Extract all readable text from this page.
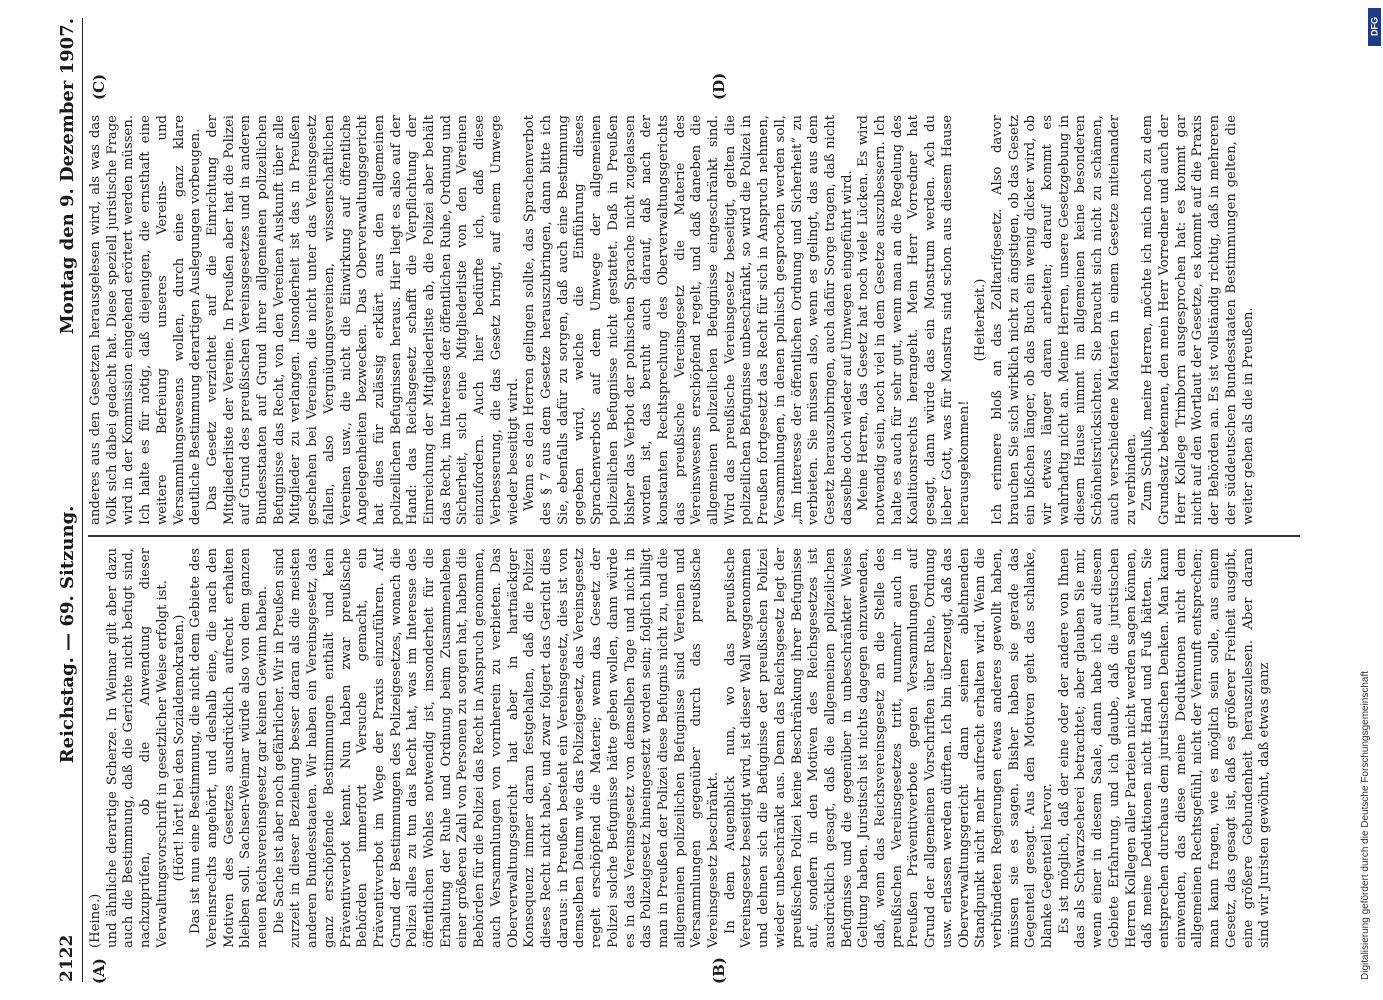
2122
Reichstag. — 69. Sitzung.
Montag den 9. Dezember 1907.
(A)	(B)
(C)	(D)

(Heine.) und ähnliche derartige Scherze. In Weimar gilt aber dazu auch die Bestimmung, daß die Gerichte nicht befugt sind, nachzuprüfen, ob die Anwendung dieser Verwaltungsvorschrift in gesetzlicher Weise erfolgt ist. (Hört! hört! bei den Sozialdemokraten.) Das ist nun eine Bestimmung, die nicht dem Gebiete des Vereinsrechts angehört, und deshalb eine, die nach den Motiven des Gesetzes ausdrücklich aufrecht erhalten bleiben soll. Sachsen-Weimar würde also von dem ganzen neuen Reichsvereinsgesetz gar keinen Gewinn haben. Die Sache ist aber noch gefährlicher. Wir in Preußen sind zurzeit in dieser Beziehung besser daran als die meisten anderen Bundesstaaten. Wir haben ein Vereinsgesetz, das ganz erschöpfende Bestimmungen enthält und kein Präventivverbot kennt. Nun haben zwar preußische Behörden immerfort Versuche gemacht, ein Präventivverbot im Wege der Praxis einzuführen. Auf Grund der Bestimmungen des Polizeigesetzes, wonach die Polizei alles zu tun das Recht hat, was im Interesse des öffentlichen Wohles notwendig ist, insonderheit für die Erhaltung der Ruhe und Ordnung beim Zusammenleben einer größeren Zahl von Personen zu sorgen hat, haben die Behörden für die Polizei das Recht in Anspruch genommen, auch Versammlungen von vornherein zu verbieten. Das Oberverwaltungsgericht hat aber in hartnäckiger Konsequenz immer daran festgehalten, daß die Polizei dieses Recht nicht habe, und zwar folgert das Gericht dies daraus: in Preußen besteht ein Vereinsgesetz, dies ist von demselben Datum wie das Polizeigesetz, das Vereinsgesetz regelt erschöpfend die Materie; wenn das Gesetz der Polizei solche Befugnisse hätte geben wollen, dann würde es in das Vereinsgesetz von demselben Tage und nicht in das Polizeigesetz hineingesetzt worden sein; folglich billigt man in Preußen der Polizei diese Befugnis nicht zu, und die allgemeinen polizeilichen Befugnisse sind Vereinen und Versammlungen gegenüber durch das preußische Vereinsgesetz beschränkt. In dem Augenblick nun, wo das preußische Vereinsgesetz beseitigt wird, ist dieser Wall weggenommen und dehnen sich die Befugnisse der preußischen Polizei wieder unbeschränkt aus. Denn das Reichsgesetz legt der preußischen Polizei keine Beschränkung ihrer Befugnisse auf, sondern in den Motiven des Reichsgesetzes ist ausdrücklich gesagt, daß die allgemeinen polizeilichen Befugnisse und die gegenüber in unbeschränkter Weise Geltung haben. Juristisch ist nichts dagegen einzuwenden, daß, wenn das Reichsvereinsgesetz an die Stelle des preußischen Vereinsgesetzes tritt, nunmehr auch in Preußen Präventivverbote gegen Versammlungen auf Grund der allgemeinen Vorschriften über Ruhe, Ordnung usw. erlassen werden dürften. Ich bin überzeugt, daß das Oberverwaltungsgericht dann seinen ablehnenden Standpunkt nicht mehr aufrecht erhalten wird. Wenn die verbündeten Regierungen etwas anderes gewollt haben, müssen sie es sagen. Bisher haben sie gerade das Gegenteil gesagt. Aus den Motiven geht das schlanke, blanke Gegenteil hervor. Es ist möglich, daß der eine oder der andere von Ihnen das als Schwarzseherei betrachtet; aber glauben Sie mir, wenn einer in diesem Saale, dann habe ich auf diesem Gebiete Erfahrung, und ich glaube, daß die juristischen Herren Kollegen aller Parteien nicht werden sagen können, daß meine Deduktionen nicht Hand und Fuß hätten. Sie entsprechen durchaus dem juristischen Denken. Man kann einwenden, das diese meine Deduktionen nicht dem allgemeinen Rechtsgefühl, nicht der Vernunft entsprechen; man kann fragen, wie es möglich sein solle, aus einem Gesetz, das gesagt ist, daß es größerer Freiheit ausgibt, eine größere Gebundenheit herauszulesen. Aber daran sind wir Juristen gewöhnt, daß etwas ganz

anderes aus den Gesetzen herausgelesen wird, als was das Volk sich dabei gedacht hat. Diese speziell juristische Frage wird in der Kommission eingehend erörtert werden müssen. Ich halte es für nötig, daß diejenigen, die ernsthaft eine weitere Befreiung unseres Vereins- und Versammlungswesens wollen, durch eine ganz klare deutliche Bestimmung derartigen Auslegungen vorbeugen. Das Gesetz verzichtet auf die Einrichtung der Mitgliederliste der Vereine. In Preußen aber hat die Polizei auf Grund des preußischen Vereinsgesetzes und in anderen Bundesstaaten auf Grund ihrer allgemeinen polizeilichen Befugnisse das Recht, von den Vereinen Auskunft über alle Mitglieder zu verlangen. Insonderheit ist das in Preußen geschehen bei Vereinen, die nicht unter das Vereinsgesetz fallen, also Vergnügungsvereinen, wissenschaftlichen Vereinen usw., die nicht die Einwirkung auf öffentliche Angelegenheiten bezwecken. Das Oberverwaltungsgericht hat dies für zulässig erklärt aus den allgemeinen polizeilichen Befugnissen heraus. Hier liegt es also auf der Hand: das Reichsgesetz schafft die Verpflichtung der Einreichung der Mitgliederliste ab, die Polizei aber behält das Recht, im Interesse der öffentlichen Ruhe, Ordnung und Sicherheit, sich eine Mitgliederliste von den Vereinen einzufordern. Auch hier bedürfte ich, daß diese Verbesserung, die das Gesetz bringt, auf einem Umwege wieder beseitigt wird. Wenn es den Herren gelingen sollte, das Sprachenverbot des § 7 aus dem Gesetze herauszubringen, dann bitte ich Sie, ebenfalls dafür zu sorgen, daß auch eine Bestimmung gegeben wird, welche die Einführung dieses Sprachenverbots auf dem Umwege der allgemeinen polizeilichen Befugnisse nicht gestattet. Daß in Preußen bisher das Verbot der polnischen Sprache nicht zugelassen worden ist, das beruht auch darauf, daß nach der konstanten Rechtsprechung des Oberverwaltungsgerichts das preußische Vereinsgesetz die Materie des Vereinswesens erschöpfend regelt, und daß daneben die allgemeinen polizeilichen Befugnisse eingeschränkt sind. Wird das preußische Vereinsgesetz beseitigt, gelten die polizeilichen Befugnisse unbeschränkt, so wird die Polizei in Preußen fortgesetzt das Recht für sich in Anspruch nehmen, Versammlungen, in denen polnisch gesprochen werden soll, „im Interesse der öffentlichen Ordnung und Sicherheit“ zu verbieten. Sie müssen also, wenn es gelingt, das aus dem Gesetz herauszubringen, auch dafür Sorge tragen, daß nicht dasselbe doch wieder auf Umwegen eingeführt wird. Meine Herren, das Gesetz hat noch viele Lücken. Es wird notwendig sein, noch viel in dem Gesetze auszubessern. Ich halte es auch für sehr gut, wenn man an die Regelung des Koalitionsrechts herangeht. Mein Herr Vorredner hat gesagt, dann würde das ein Monstrum werden. Ach du lieber Gott, was für Monstra sind schon aus diesem Hause herausgekommen!

(Heiterkeit.) Ich erinnere bloß an das Zolltarifgesetz. Also davor brauchen Sie sich wirklich nicht zu ängstigen, ob das Gesetz ein bißchen länger, ob das Buch ein wenig dicker wird, ob wir etwas länger daran arbeiten; darauf kommt es wahrhaftig nicht an. Meine Herren, unsere Gesetzgebung in diesem Hause nimmt im allgemeinen keine besonderen Schönheitsrücksichten. Sie braucht sich nicht zu schämen, auch verschiedene Materien in einem Gesetze miteinander zu verbinden. Zum Schluß, meine Herren, möchte ich mich noch zu dem Grundsatz bekennen, den mein Herr Vorredner und auch der Herr Kollege Trimborn ausgesprochen hat: es kommt gar nicht auf den Wortlaut der Gesetze, es kommt auf die Praxis der Behörden an. Es ist vollständig richtig, daß in mehreren der süddeutschen Bundesstaaten Bestimmungen gelten, die weiter gehen als die in Preußen.

DFG
Digitalisierung gefördert durch die Deutsche Forschungsgemeinschaft
